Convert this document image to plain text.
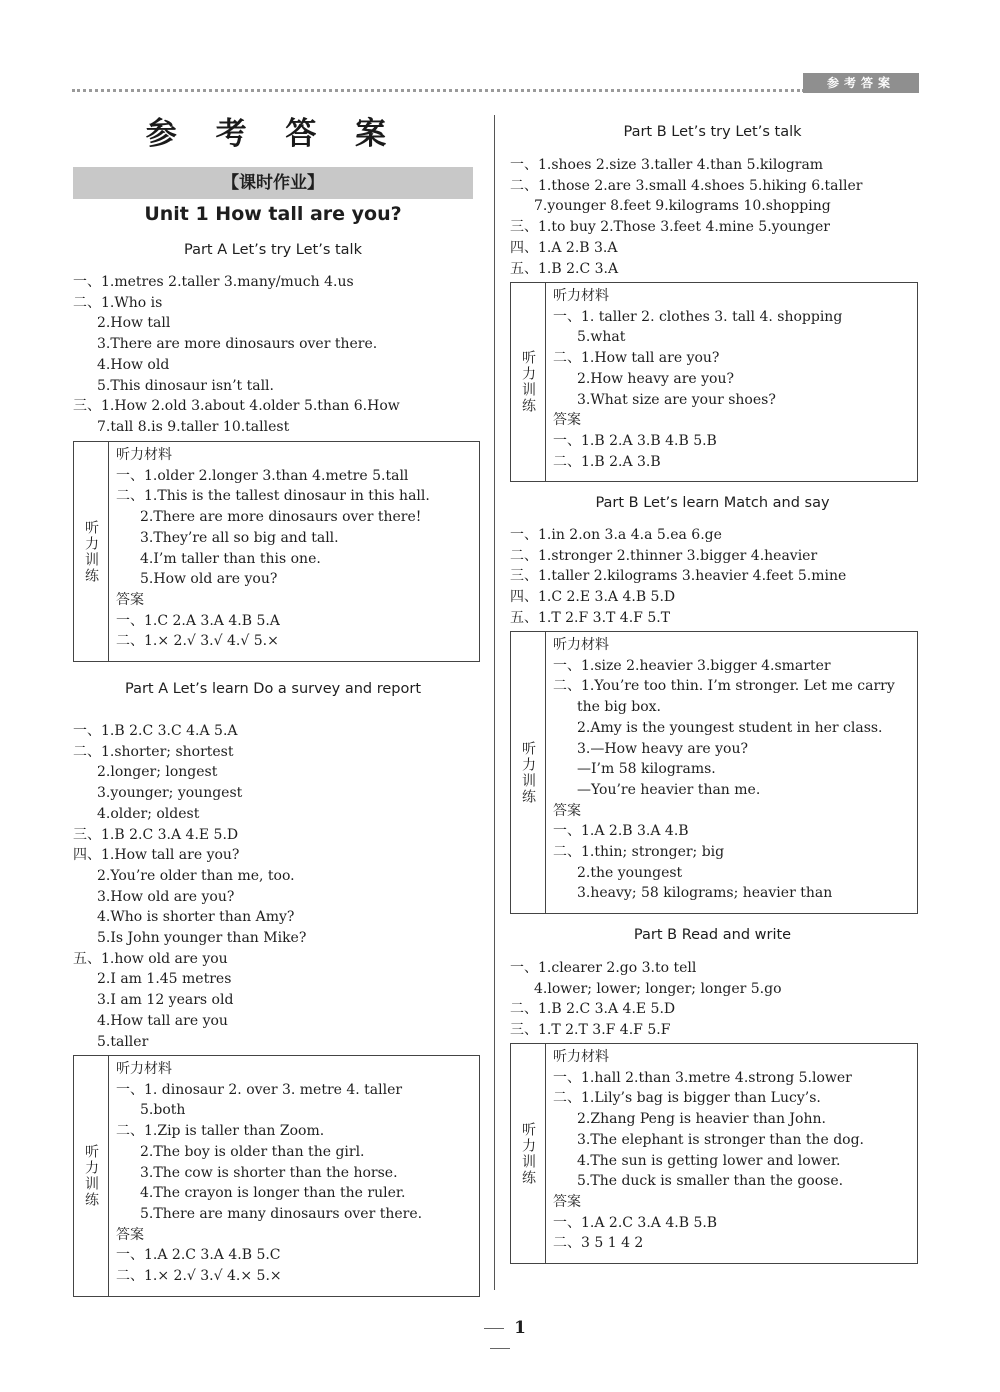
参考答案
参 考 答 案
【课时作业】
Unit 1 How tall are you?
Part A Let’s try Let’s talk
一、1.metres 2.taller 3.many/much 4.us
二、1.Who is
2.How tall
3.There are more dinosaurs over there.
4.How old
5.This dinosaur isn’t tall.
三、1.How 2.old 3.about 4.older 5.than 6.How
7.tall 8.is 9.taller 10.tallest
听力训练
听力材料
一、1.older 2.longer 3.than 4.metre 5.tall
二、1.This is the tallest dinosaur in this hall.
2.There are more dinosaurs over there!
3.They’re all so big and tall.
4.I’m taller than this one.
5.How old are you?
答案
一、1.C 2.A 3.A 4.B 5.A
二、1.× 2.√ 3.√ 4.√ 5.×
Part A Let’s learn Do a survey and report
一、1.B 2.C 3.C 4.A 5.A
二、1.shorter; shortest
2.longer; longest
3.younger; youngest
4.older; oldest
三、1.B 2.C 3.A 4.E 5.D
四、1.How tall are you?
2.You’re older than me, too.
3.How old are you?
4.Who is shorter than Amy?
5.Is John younger than Mike?
五、1.how old are you
2.I am 1.45 metres
3.I am 12 years old
4.How tall are you
5.taller
听力训练
听力材料
一、1. dinosaur 2. over 3. metre 4. taller
5.both
二、1.Zip is taller than Zoom.
2.The boy is older than the girl.
3.The cow is shorter than the horse.
4.The crayon is longer than the ruler.
5.There are many dinosaurs over there.
答案
一、1.A 2.C 3.A 4.B 5.C
二、1.× 2.√ 3.√ 4.× 5.×
Part B Let’s try Let’s talk
一、1.shoes 2.size 3.taller 4.than 5.kilogram
二、1.those 2.are 3.small 4.shoes 5.hiking 6.taller
7.younger 8.feet 9.kilograms 10.shopping
三、1.to buy 2.Those 3.feet 4.mine 5.younger
四、1.A 2.B 3.A
五、1.B 2.C 3.A
听力训练
听力材料
一、1. taller 2. clothes 3. tall 4. shopping
5.what
二、1.How tall are you?
2.How heavy are you?
3.What size are your shoes?
答案
一、1.B 2.A 3.B 4.B 5.B
二、1.B 2.A 3.B
Part B Let’s learn Match and say
一、1.in 2.on 3.a 4.a 5.ea 6.ge
二、1.stronger 2.thinner 3.bigger 4.heavier
三、1.taller 2.kilograms 3.heavier 4.feet 5.mine
四、1.C 2.E 3.A 4.B 5.D
五、1.T 2.F 3.T 4.F 5.T
听力训练
听力材料
一、1.size 2.heavier 3.bigger 4.smarter
二、1.You’re too thin. I’m stronger. Let me carry
the big box.
2.Amy is the youngest student in her class.
3.—How heavy are you?
—I’m 58 kilograms.
—You’re heavier than me.
答案
一、1.A 2.B 3.A 4.B
二、1.thin; stronger; big
2.the youngest
3.heavy; 58 kilograms; heavier than
Part B Read and write
一、1.clearer 2.go 3.to tell
4.lower; lower; longer; longer 5.go
二、1.B 2.C 3.A 4.E 5.D
三、1.T 2.T 3.F 4.F 5.F
听力训练
听力材料
一、1.hall 2.than 3.metre 4.strong 5.lower
二、1.Lily’s bag is bigger than Lucy’s.
2.Zhang Peng is heavier than John.
3.The elephant is stronger than the dog.
4.The sun is getting lower and lower.
5.The duck is smaller than the goose.
答案
一、1.A 2.C 3.A 4.B 5.B
二、3 5 1 4 2
1
